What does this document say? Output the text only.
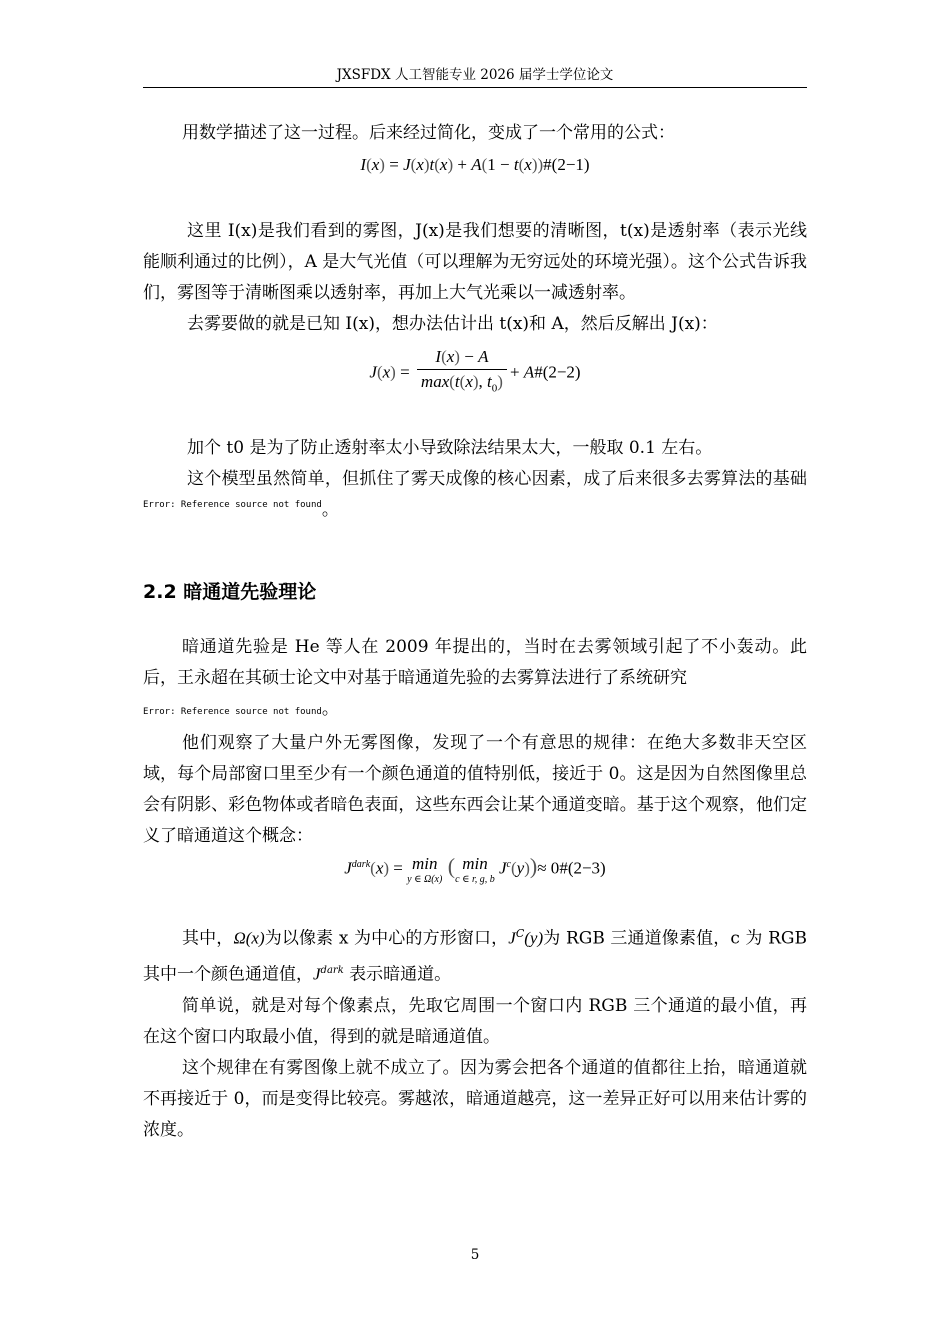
JXSFDX 人工智能专业 2026 届学士学位论文

用数学描述了这一过程。后来经过简化，变成了一个常用的公式：

I(x) = J(x)t(x) + A(1 − t(x))#(2−1)

这里 I(x)是我们看到的雾图，J(x)是我们想要的清晰图，t(x)是透射率（表示光线能顺利通过的比例），A 是大气光值（可以理解为无穷远处的环境光强）。这个公式告诉我们，雾图等于清晰图乘以透射率，再加上大气光乘以一减透射率。

去雾要做的就是已知 I(x)，想办法估计出 t(x)和 A，然后反解出 J(x)：

$J(x) = \frac{I(x) - A}{\max(t(x), t_0)}$ + A#(2−2)

加个 t0 是为了防止透射率太小导致除法结果太大，一般取 0.1 左右。

这个模型虽然简单，但抓住了雾天成像的核心因素，成了后来很多去雾算法的基础$^{Error: Reference source not found}$。

2.2 暗通道先验理论

暗通道先验是 He 等人在 2009 年提出的，当时在去雾领域引起了不小轰动。此后，王永超在其硕士论文中对基于暗通道先验的去雾算法进行了系统研究
Error: Reference source not found。

他们观察了大量户外无雾图像，发现了一个有意思的规律：在绝大多数非天空区域，每个局部窗口里至少有一个颜色通道的值特别低，接近于 0。这是因为自然图像里总会有阴影、彩色物体或者暗色表面，这些东西会让某个通道变暗。基于这个观察，他们定义了暗通道这个概念：

$J^{dark}(x) = \min$
y ∈ Ω(x)
( min
c ∈ r, g, b
$J^c(y))\approx$ 0#(2−3)

其中，Ω(x)为以像素 x 为中心的方形窗口，$J^C(y)$为 RGB 三通道像素值，c 为 RGB 其中一个颜色通道值，$J^{dark}$ 表示暗通道。

简单说，就是对每个像素点，先取它周围一个窗口内 RGB 三个通道的最小值，再在这个窗口内取最小值，得到的就是暗通道值。

这个规律在有雾图像上就不成立了。因为雾会把各个通道的值都往上抬，暗通道就不再接近于 0，而是变得比较亮。雾越浓，暗通道越亮，这一差异正好可以用来估计雾的浓度。

5
